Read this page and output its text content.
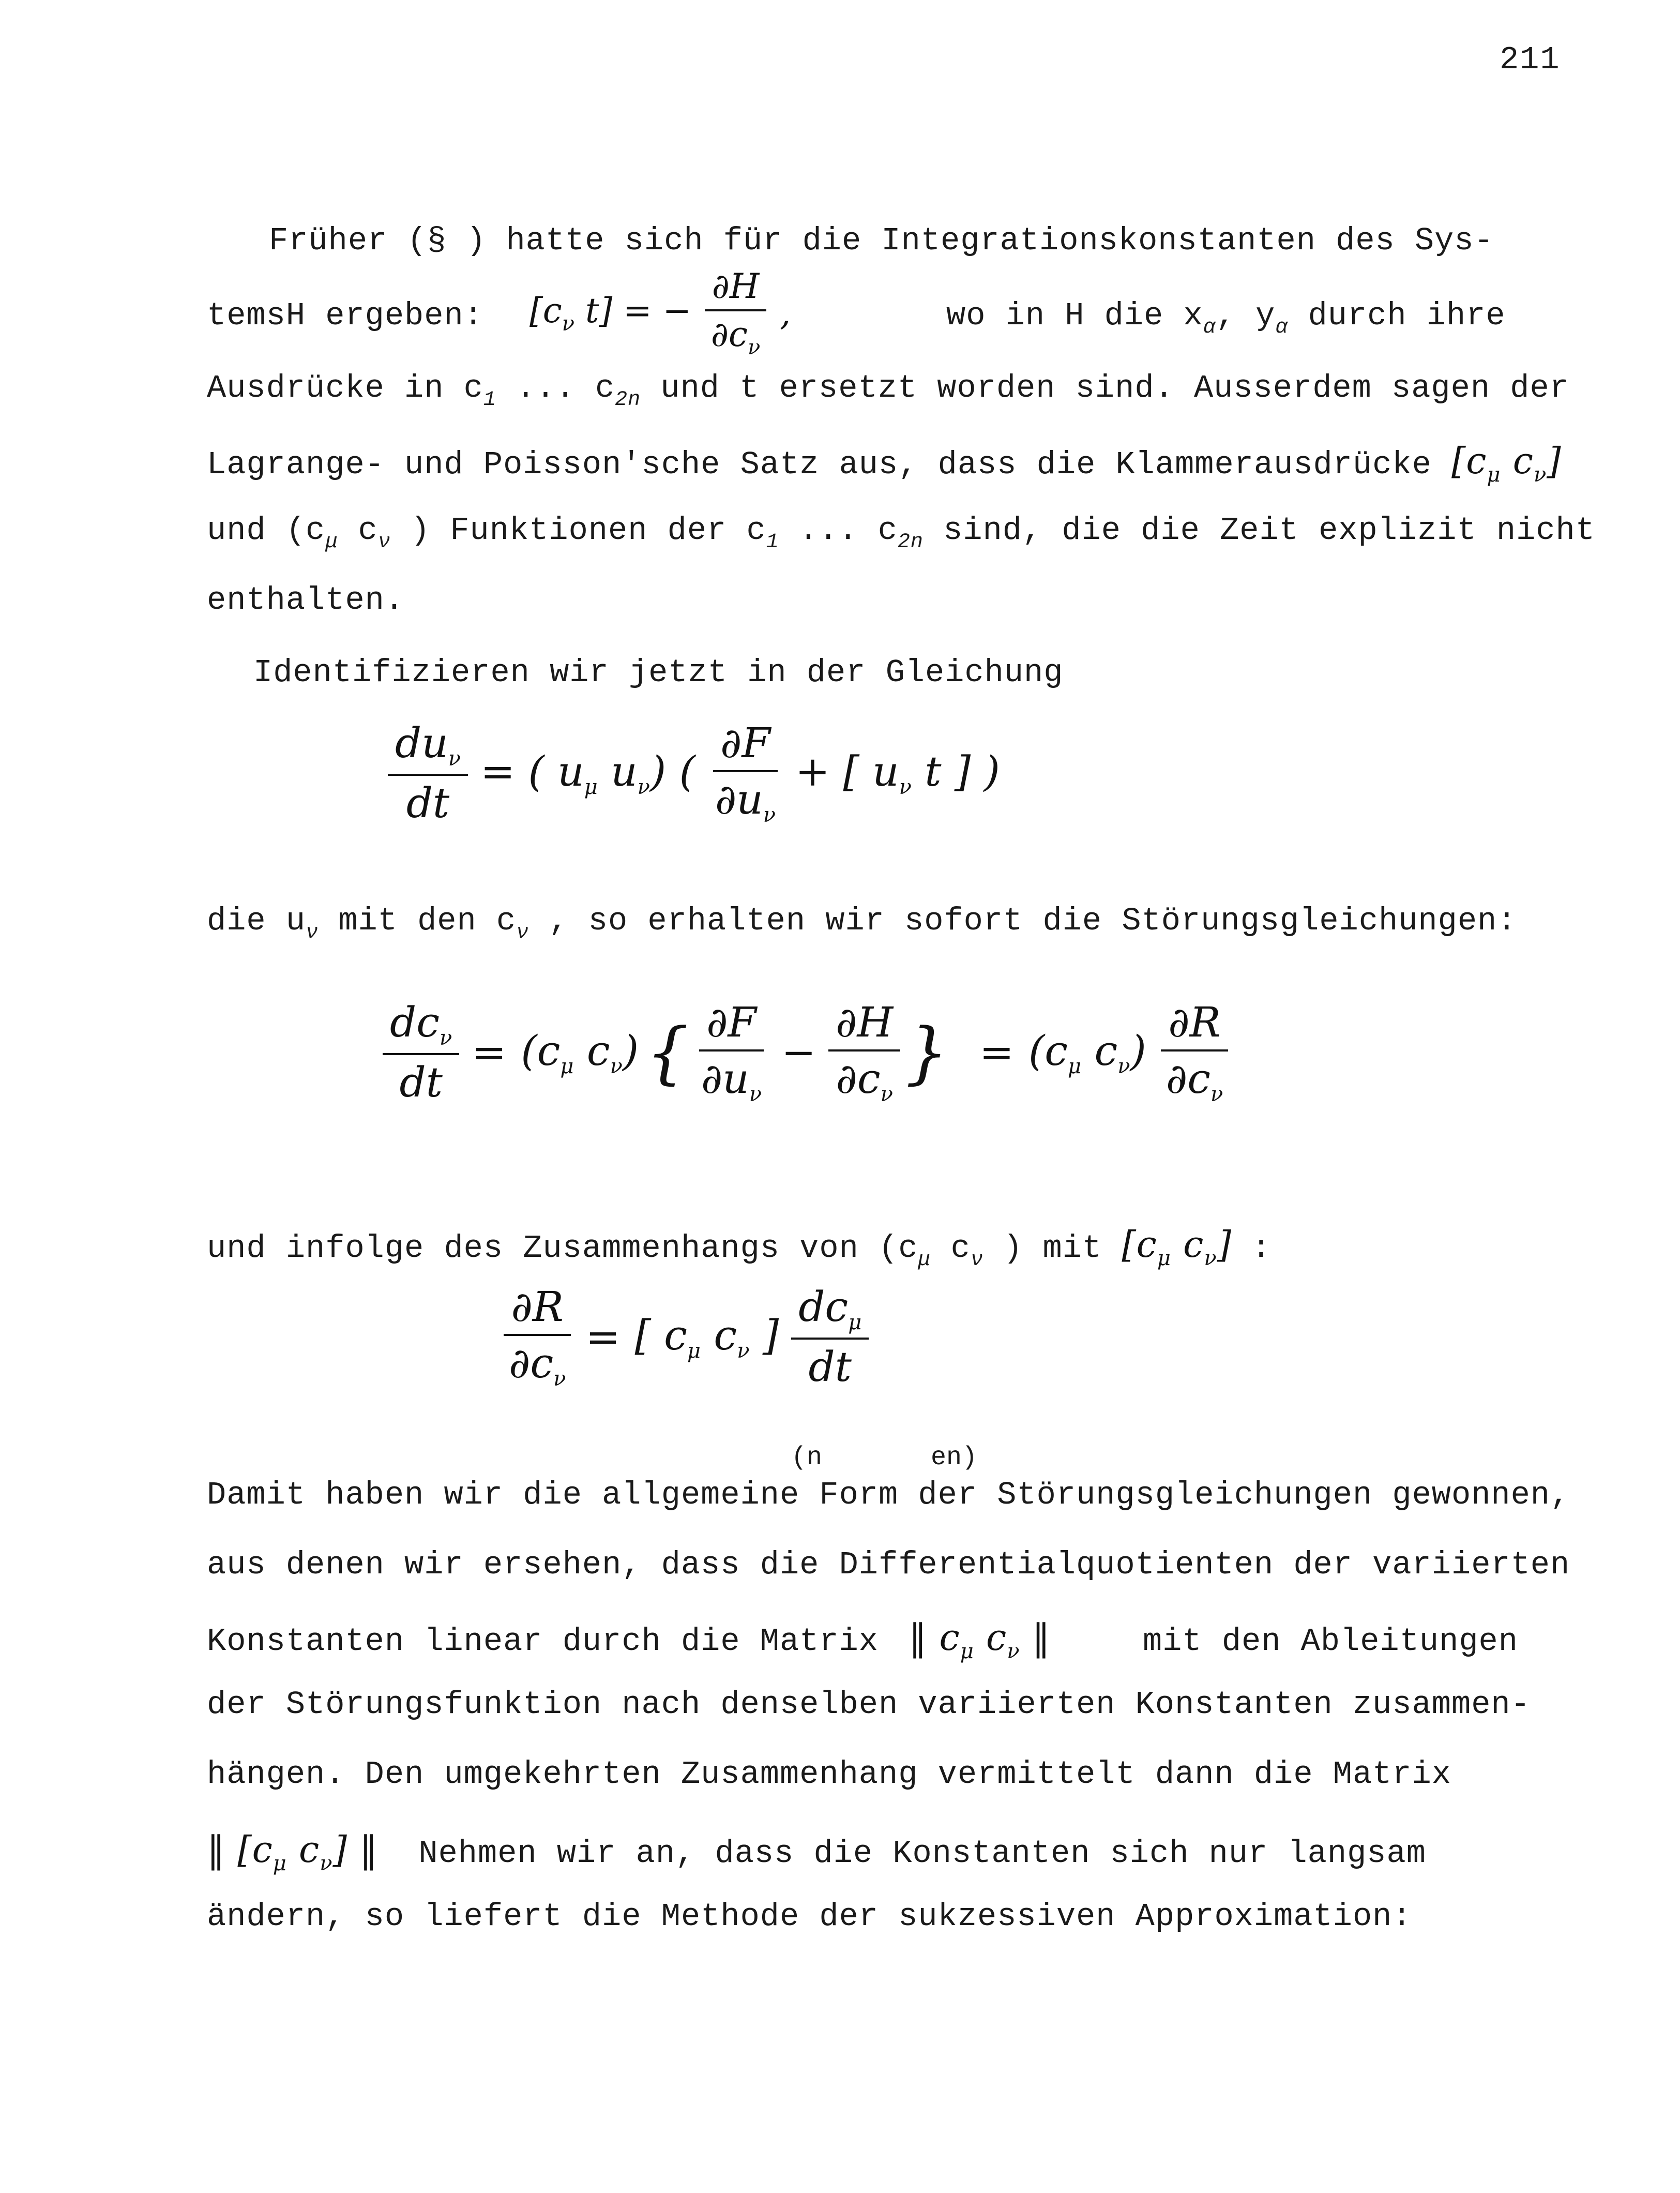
211
Früher (§ ) hatte sich für die Integrationskonstanten des Sys-
temsH ergeben: [$c_\nu$ t] = − $\frac{\partial H}{\partial c_\nu}$ ,	wo in H die $x_\alpha$, $y_\alpha$ durch ihre
Ausdrücke in $c_1$ ... $c_{2n}$ und t ersetzt worden sind. Ausserdem sagen der
Lagrange- und Poisson'sche Satz aus, dass die Klammerausdrücke [$c_\mu$ $c_\nu$]
und ($c_\mu$ $c_\nu$ ) Funktionen der $c_1$ ... $c_{2n}$ sind, die die Zeit explizit nicht
enthalten.
Identifizieren wir jetzt in der Gleichung
$\frac{du_\nu}{dt}$ = ( $u_\mu$ $u_\nu$) ( $\frac{\partial F}{\partial u_\nu}$ + [ $u_\nu$ t ] )
die $u_\nu$ mit den $c_\nu$ , so erhalten wir sofort die Störungsgleichungen:
$\frac{dc_\nu}{dt} = (c_\mu$ $c_\nu$) { $\frac{\partial F}{\partial u_\nu} - \frac{\partial H}{\partial c_\nu}$ } = ($c_\mu$ $c_\nu) \frac{\partial R}{\partial c_\nu}$
und infolge des Zusammenhangs von ($c_\mu$ $c_\nu$ ) mit [$c_\mu$ $c_\nu$] :
$\frac{\partial R}{\partial c_\nu}$ = [ $c_\mu$ $c_\nu$ ] $\frac{dc_\mu}{dt}$
(n	en)
Damit haben wir die allgemeine Form der Störungsgleichungen gewonnen,
aus denen wir ersehen, dass die Differentialquotienten der variierten
Konstanten linear durch die Matrix ‖ $c_\mu$ $c_\nu$ ‖	mit den Ableitungen
der Störungsfunktion nach denselben variierten Konstanten zusammen-
hängen. Den umgekehrten Zusammenhang vermittelt dann die Matrix
‖ [$c_\mu$ $c_\nu$] ‖ Nehmen wir an, dass die Konstanten sich nur langsam
ändern, so liefert die Methode der sukzessiven Approximation:
